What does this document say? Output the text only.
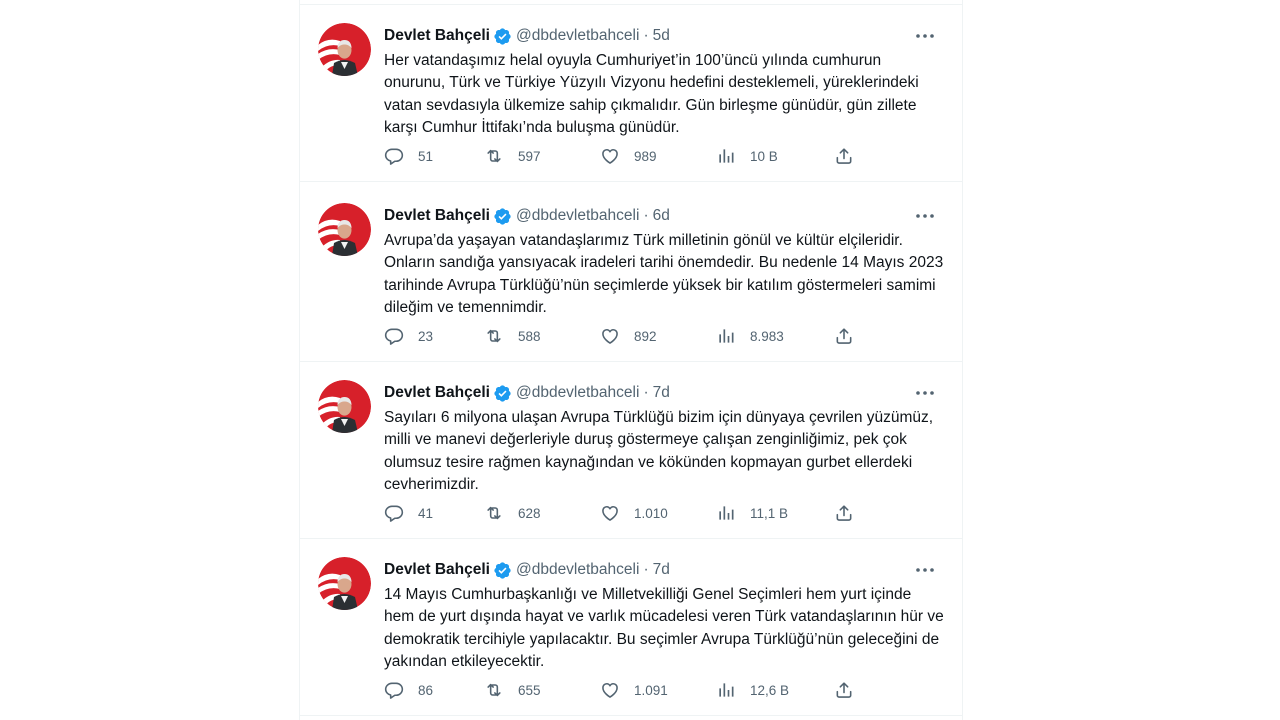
Devlet Bahçeli @dbdevletbahceli · 5d
Her vatandaşımız helal oyuyla Cumhuriyet’in 100’üncü yılında cumhurun onurunu, Türk ve Türkiye Yüzyılı Vizyonu hedefini desteklemeli, yüreklerindeki vatan sevdasıyla ülkemize sahip çıkmalıdır. Gün birleşme günüdür, gün zillete karşı Cumhur İttifakı’nda buluşma günüdür.
51	597	989	10 B
Devlet Bahçeli @dbdevletbahceli · 6d
Avrupa’da yaşayan vatandaşlarımız Türk milletinin gönül ve kültür elçileridir. Onların sandığa yansıyacak iradeleri tarihi önemdedir. Bu nedenle 14 Mayıs 2023 tarihinde Avrupa Türklüğü’nün seçimlerde yüksek bir katılım göstermeleri samimi dileğim ve temennimdir.
23	588	892	8.983
Devlet Bahçeli @dbdevletbahceli · 7d
Sayıları 6 milyona ulaşan Avrupa Türklüğü bizim için dünyaya çevrilen yüzümüz, milli ve manevi değerleriyle duruş göstermeye çalışan zenginliğimiz, pek çok olumsuz tesire rağmen kaynağından ve kökünden kopmayan gurbet ellerdeki cevherimizdir.
41	628	1.010	11,1 B
Devlet Bahçeli @dbdevletbahceli · 7d
14 Mayıs Cumhurbaşkanlığı ve Milletvekilliği Genel Seçimleri hem yurt içinde hem de yurt dışında hayat ve varlık mücadelesi veren Türk vatandaşlarının hür ve demokratik tercihiyle yapılacaktır. Bu seçimler Avrupa Türklüğü’nün geleceğini de yakından etkileyecektir.
86	655	1.091	12,6 B
